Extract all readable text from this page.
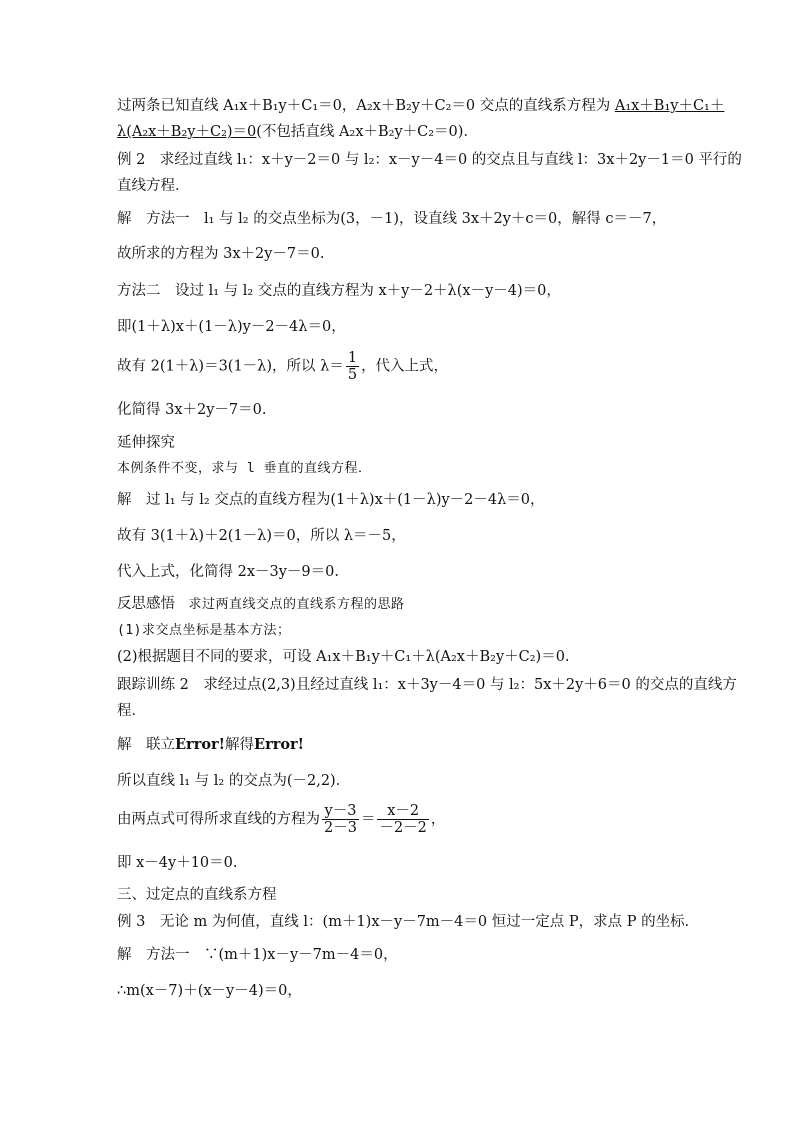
过两条已知直线 A₁x＋B₁y＋C₁＝0，A₂x＋B₂y＋C₂＝0 交点的直线系方程为 A₁x＋B₁y＋C₁＋
λ(A₂x＋B₂y＋C₂)＝0(不包括直线 A₂x＋B₂y＋C₂＝0)．
例 2　求经过直线 l₁：x＋y－2＝0 与 l₂：x－y－4＝0 的交点且与直线 l：3x＋2y－1＝0 平行的
直线方程．
解　方法一　l₁ 与 l₂ 的交点坐标为(3，－1)，设直线 3x＋2y＋c＝0，解得 c＝－7，
故所求的方程为 3x＋2y－7＝0.
方法二　设过 l₁ 与 l₂ 交点的直线方程为 x＋y－2＋λ(x－y－4)＝0，
即(1＋λ)x＋(1－λ)y－2－4λ＝0，
故有 2(1＋λ)＝3(1－λ)，所以 $\lambda= \frac{1}{5}$ ，代入上式，
化简得 3x＋2y－7＝0.
延伸探究
本例条件不变，求与 l 垂直的直线方程．
解　过 l₁ 与 l₂ 交点的直线方程为(1＋λ)x＋(1－λ)y－2－4λ＝0，
故有 3(1＋λ)＋2(1－λ)＝0，所以 λ＝－5，
代入上式，化简得 2x－3y－9＝0.
反思感悟　求过两直线交点的直线系方程的思路
(1)求交点坐标是基本方法；
(2)根据题目不同的要求，可设 A₁x＋B₁y＋C₁＋λ(A₂x＋B₂y＋C₂)＝0.
跟踪训练 2　求经过点(2,3)且经过直线 l₁：x＋3y－4＝0 与 l₂：5x＋2y＋6＝0 的交点的直线方
程．
解　联立Error!解得Error!
所以直线 l₁ 与 l₂ 的交点为(－2,2)．
由两点式可得所求直线的方程为 $\frac{y-3}{2-3} = \frac{x-2}{-2-2}$ ，
即 x－4y＋10＝0.
三、过定点的直线系方程
例 3　无论 m 为何值，直线 l：(m＋1)x－y－7m－4＝0 恒过一定点 P，求点 P 的坐标．
解　方法一　∵(m＋1)x－y－7m－4＝0，
∴m(x－7)＋(x－y－4)＝0，
